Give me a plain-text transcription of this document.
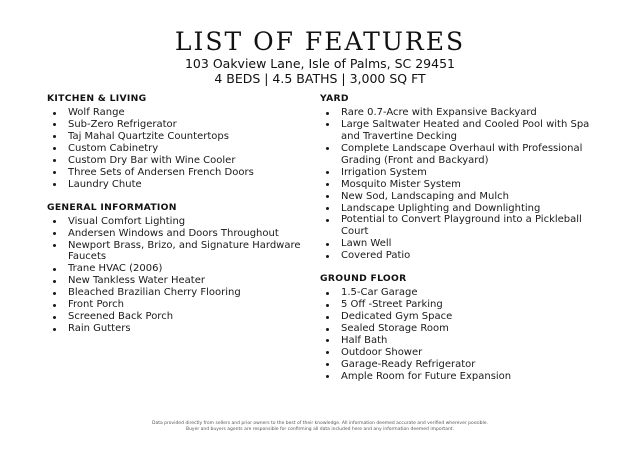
LIST OF FEATURES
103 Oakview Lane, Isle of Palms, SC 29451
4 BEDS | 4.5 BATHS | 3,000 SQ FT
KITCHEN & LIVING
Wolf Range
Sub-Zero Refrigerator
Taj Mahal Quartzite Countertops
Custom Cabinetry
Custom Dry Bar with Wine Cooler
Three Sets of Andersen French Doors
Laundry Chute
GENERAL INFORMATION
Visual Comfort Lighting
Andersen Windows and Doors Throughout
Newport Brass, Brizo, and Signature Hardware Faucets
Trane HVAC (2006)
New Tankless Water Heater
Bleached Brazilian Cherry Flooring
Front Porch
Screened Back Porch
Rain Gutters
YARD
Rare 0.7-Acre with Expansive Backyard
Large Saltwater Heated and Cooled Pool with Spa and Travertine Decking
Complete Landscape Overhaul with Professional Grading (Front and Backyard)
Irrigation System
Mosquito Mister System
New Sod, Landscaping and Mulch
Landscape Uplighting and Downlighting
Potential to Convert Playground into a Pickleball Court
Lawn Well
Covered Patio
GROUND FLOOR
1.5-Car Garage
5 Off -Street Parking
Dedicated Gym Space
Sealed Storage Room
Half Bath
Outdoor Shower
Garage-Ready Refrigerator
Ample Room for Future Expansion
Data provided directly from sellers and prior owners to the best of their knowledge. All information deemed accurate and verified wherever possible.
Buyer and buyers agents are responsible for confirming all data included here and any information deemed important.
